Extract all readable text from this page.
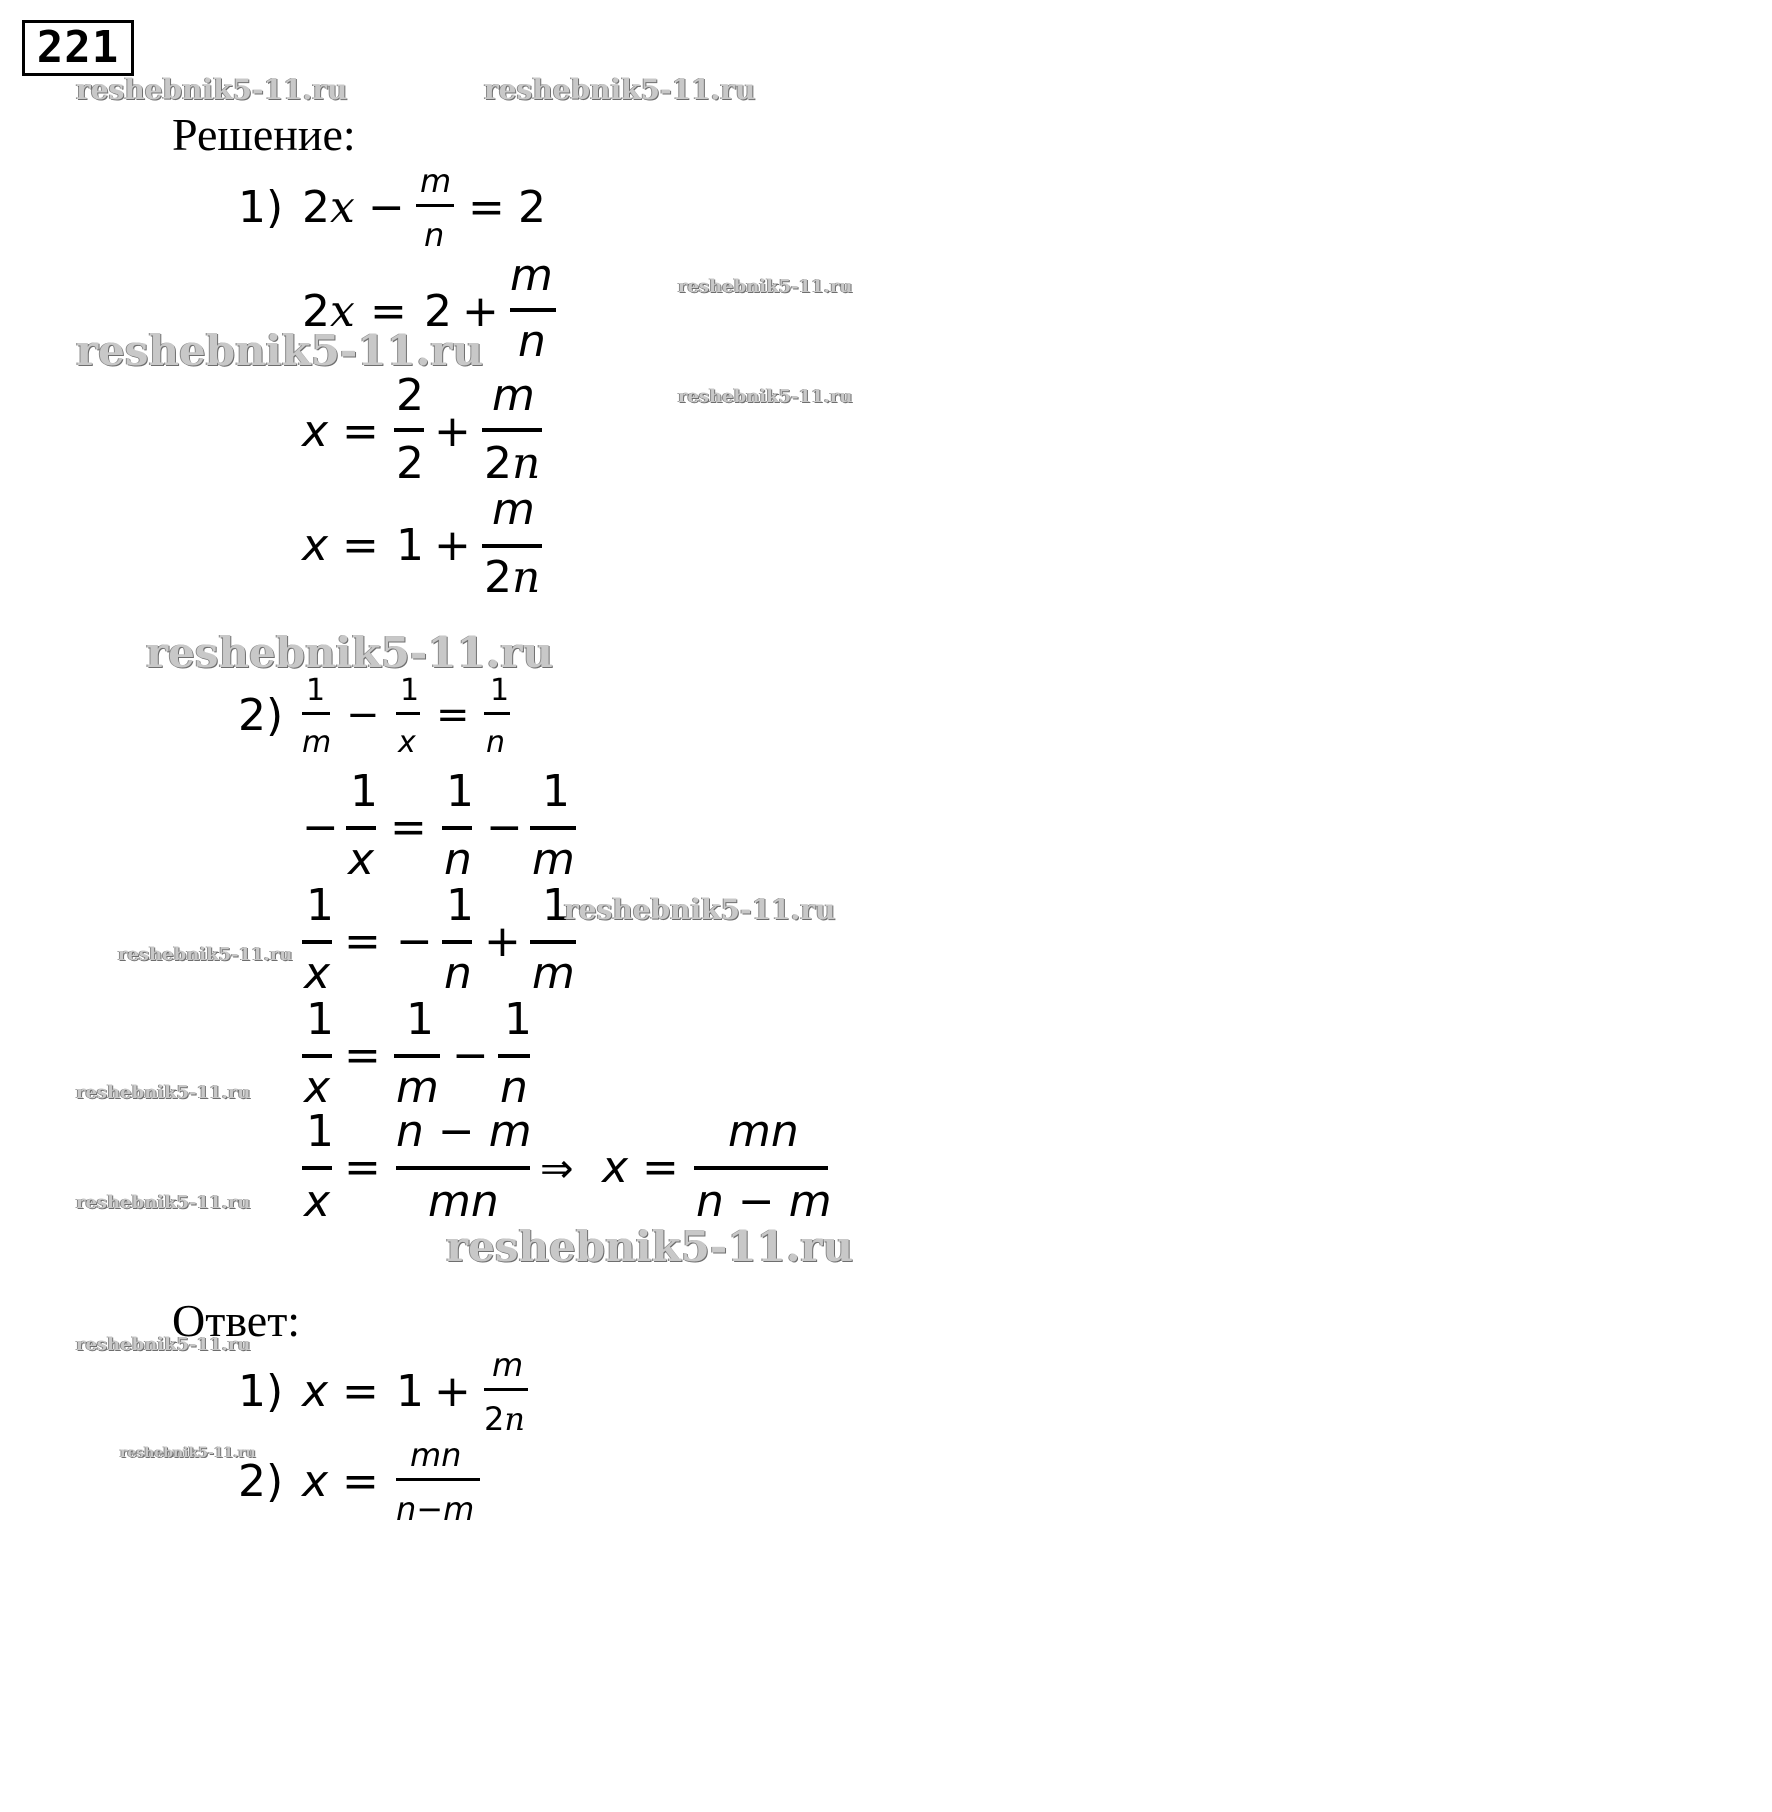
221
Решение:
Ответ:
1) 2x −
m
n
= 2
2x = 2 +
m
n
x =
2
2
+
m
2n
x = 1 +
m
2n
2) 1
m
−
1
x
=
1
n
−
1
x
=
1
n
−
1
m
1
x
= −
1
n
+
1
m
1
x
=
1
m
−
1
n
1
x
=
n − m
mn
⇒ x =
mn
n − m
1) x = 1 +
m
2n
2) x =
mn
n−m
reshebnik5-11.ru	reshebnik5-11.ru
reshebnik5-11.ru
reshebnik5-11.ru
reshebnik5-11.ru
reshebnik5-11.ru
reshebnik5-11.ru
reshebnik5-11.ru
reshebnik5-11.ru
reshebnik5-11.ru
reshebnik5-11.ru
reshebnik5-11.ru
reshebnik5-11.ru
